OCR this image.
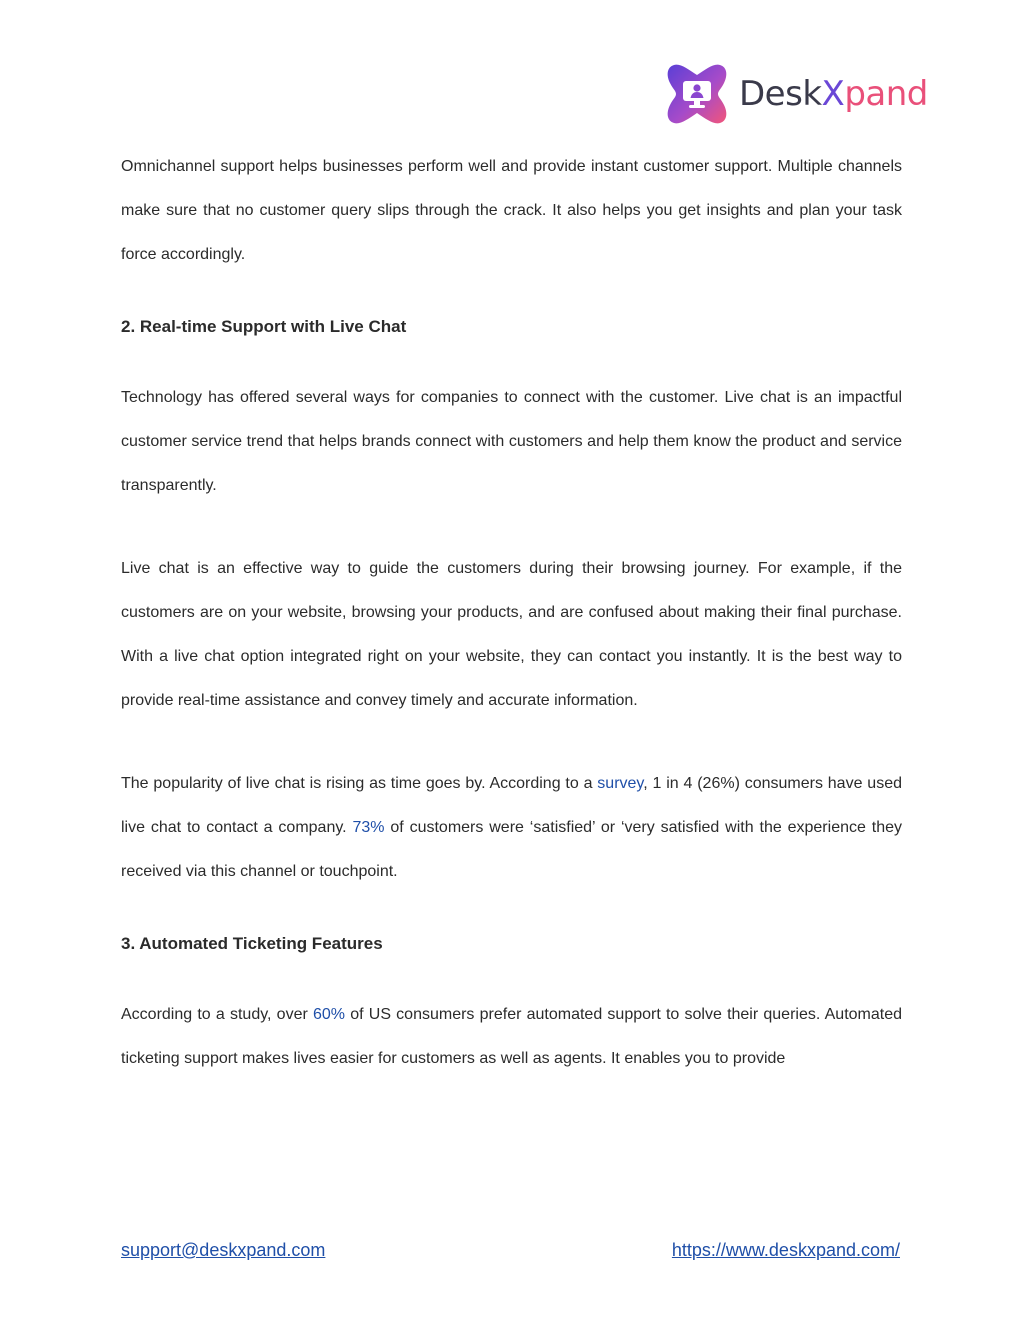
DeskXpand

Omnichannel support helps businesses perform well and provide instant customer support. Multiple channels make sure that no customer query slips through the crack. It also helps you get insights and plan your task force accordingly.

2. Real-time Support with Live Chat

Technology has offered several ways for companies to connect with the customer. Live chat is an impactful customer service trend that helps brands connect with customers and help them know the product and service transparently.

Live chat is an effective way to guide the customers during their browsing journey. For example, if the customers are on your website, browsing your products, and are confused about making their final purchase. With a live chat option integrated right on your website, they can contact you instantly. It is the best way to provide real-time assistance and convey timely and accurate information.

The popularity of live chat is rising as time goes by. According to a survey, 1 in 4 (26%) consumers have used live chat to contact a company. 73% of customers were ‘satisfied’ or ‘very satisfied with the experience they received via this channel or touchpoint.

3. Automated Ticketing Features

According to a study, over 60% of US consumers prefer automated support to solve their queries. Automated ticketing support makes lives easier for customers as well as agents. It enables you to provide

support@deskxpand.com	https://www.deskxpand.com/
